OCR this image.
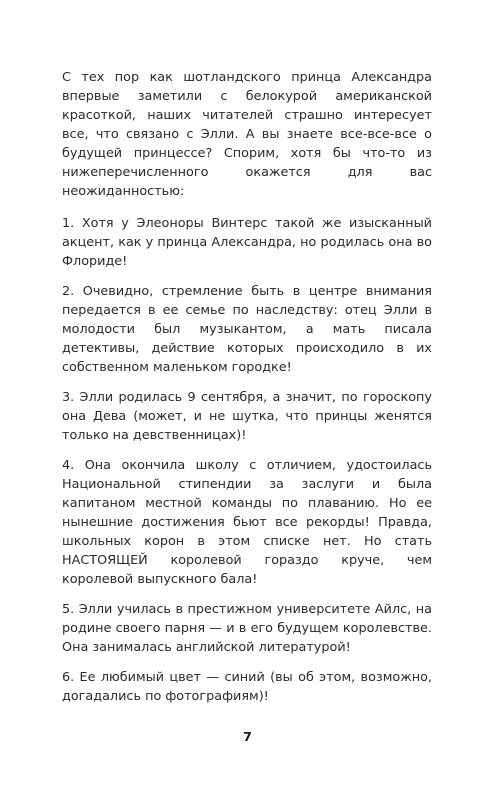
С тех пор как шотландского принца Александра впервые заметили с белокурой американской красоткой, наших читателей страшно интересует все, что связано с Элли. А вы знаете все-все-все о будущей принцессе? Спорим, хотя бы что-то из нижеперечисленного окажется для вас неожиданностью:

1. Хотя у Элеоноры Винтерс такой же изысканный акцент, как у принца Александра, но родилась она во Флориде!

2. Очевидно, стремление быть в центре внимания передается в ее семье по наследству: отец Элли в молодости был музыкантом, а мать писала детективы, действие которых происходило в их собственном маленьком городке!

3. Элли родилась 9 сентября, а значит, по гороскопу она Дева (может, и не шутка, что принцы женятся только на девственницах)!

4. Она окончила школу с отличием, удостоилась Национальной стипендии за заслуги и была капитаном местной команды по плаванию. Но ее нынешние достижения бьют все рекорды! Правда, школьных корон в этом списке нет. Но стать НАСТОЯЩЕЙ королевой гораздо круче, чем королевой выпускного бала!

5. Элли училась в престижном университете Айлс, на родине своего парня — и в его будущем королевстве. Она занималась английской литературой!

6. Ее любимый цвет — синий (вы об этом, возможно, догадались по фотографиям)!

7
